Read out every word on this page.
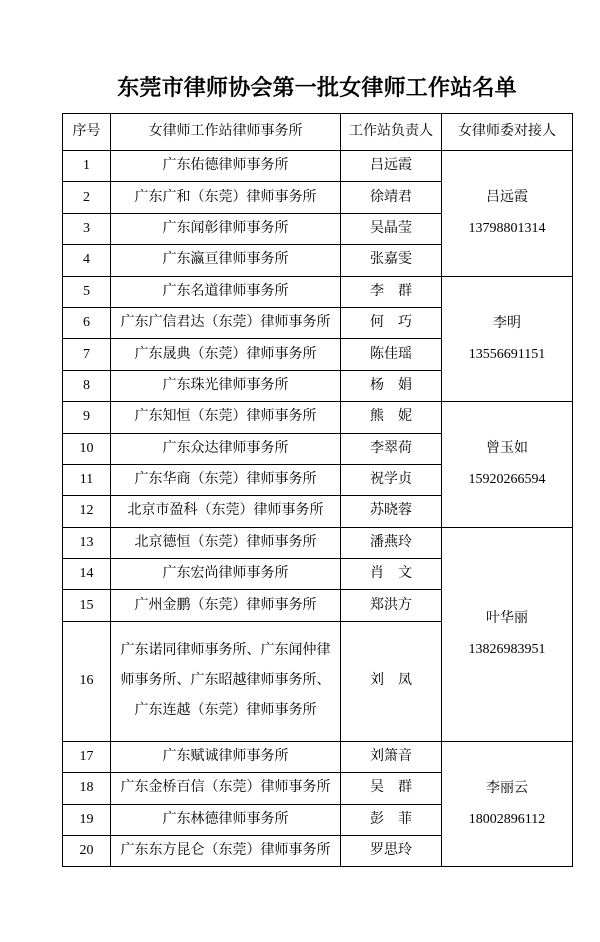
东莞市律师协会第一批女律师工作站名单
序号	女律师工作站律师事务所	工作站负责人	女律师委对接人
1	广东佑德律师事务所	吕远霞	吕远霞
13798801314

2	广东广和（东莞）律师事务所	徐靖君	
3	广东闻彰律师事务所	吴晶莹	
4	广东瀛亘律师事务所	张嘉雯	
5	广东名道律师事务所	李　群	李明
13556691151

6	广东广信君达（东莞）律师事务所	何　巧	
7	广东晟典（东莞）律师事务所	陈佳瑶	
8	广东珠光律师事务所	杨　娟	
9	广东知恒（东莞）律师事务所	熊　妮	曾玉如
15920266594

10	广东众达律师事务所	李翠荷	
11	广东华商（东莞）律师事务所	祝学贞	
12	北京市盈科（东莞）律师事务所	苏晓蓉	
13	北京德恒（东莞）律师事务所	潘燕玲	叶华丽
13826983951

14	广东宏尚律师事务所	肖　文	
15	广州金鹏（东莞）律师事务所	郑洪方	
16	广东诺同律师事务所、广东闻仲律师事务所、广东昭越律师事务所、广东连越（东莞）律师事务所	刘　凤	
17	广东赋诚律师事务所	刘箫音	李丽云
18002896112

18	广东金桥百信（东莞）律师事务所	吴　群	
19	广东林德律师事务所	彭　菲	
20	广东东方昆仑（东莞）律师事务所	罗思玲	
